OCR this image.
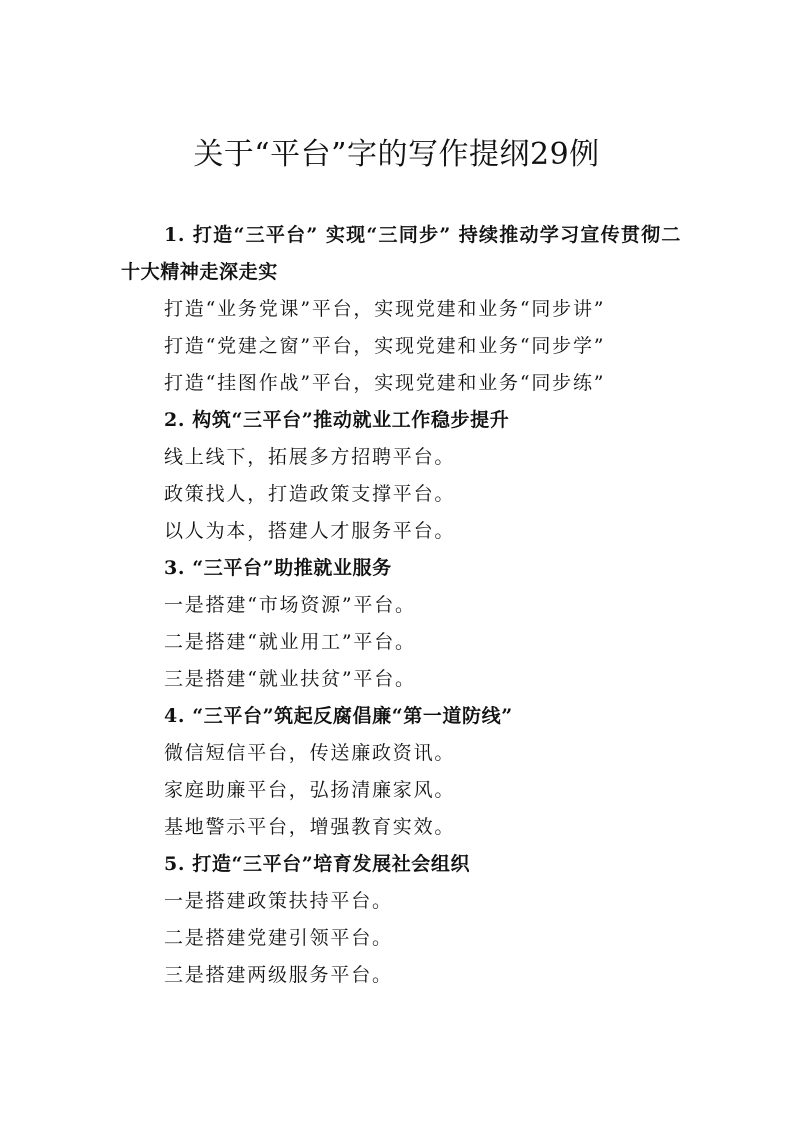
关于“平台”字的写作提纲29例

1. 打造“三平台” 实现“三同步” 持续推动学习宣传贯彻二十大精神走深走实

打造“业务党课”平台，实现党建和业务“同步讲”

打造“党建之窗”平台，实现党建和业务“同步学”

打造“挂图作战”平台，实现党建和业务“同步练”

2. 构筑“三平台”推动就业工作稳步提升

线上线下，拓展多方招聘平台。

政策找人，打造政策支撑平台。

以人为本，搭建人才服务平台。

3. “三平台”助推就业服务

一是搭建“市场资源”平台。

二是搭建“就业用工”平台。

三是搭建“就业扶贫”平台。

4. “三平台”筑起反腐倡廉“第一道防线”

微信短信平台，传送廉政资讯。

家庭助廉平台，弘扬清廉家风。

基地警示平台，增强教育实效。

5. 打造“三平台”培育发展社会组织

一是搭建政策扶持平台。

二是搭建党建引领平台。

三是搭建两级服务平台。
